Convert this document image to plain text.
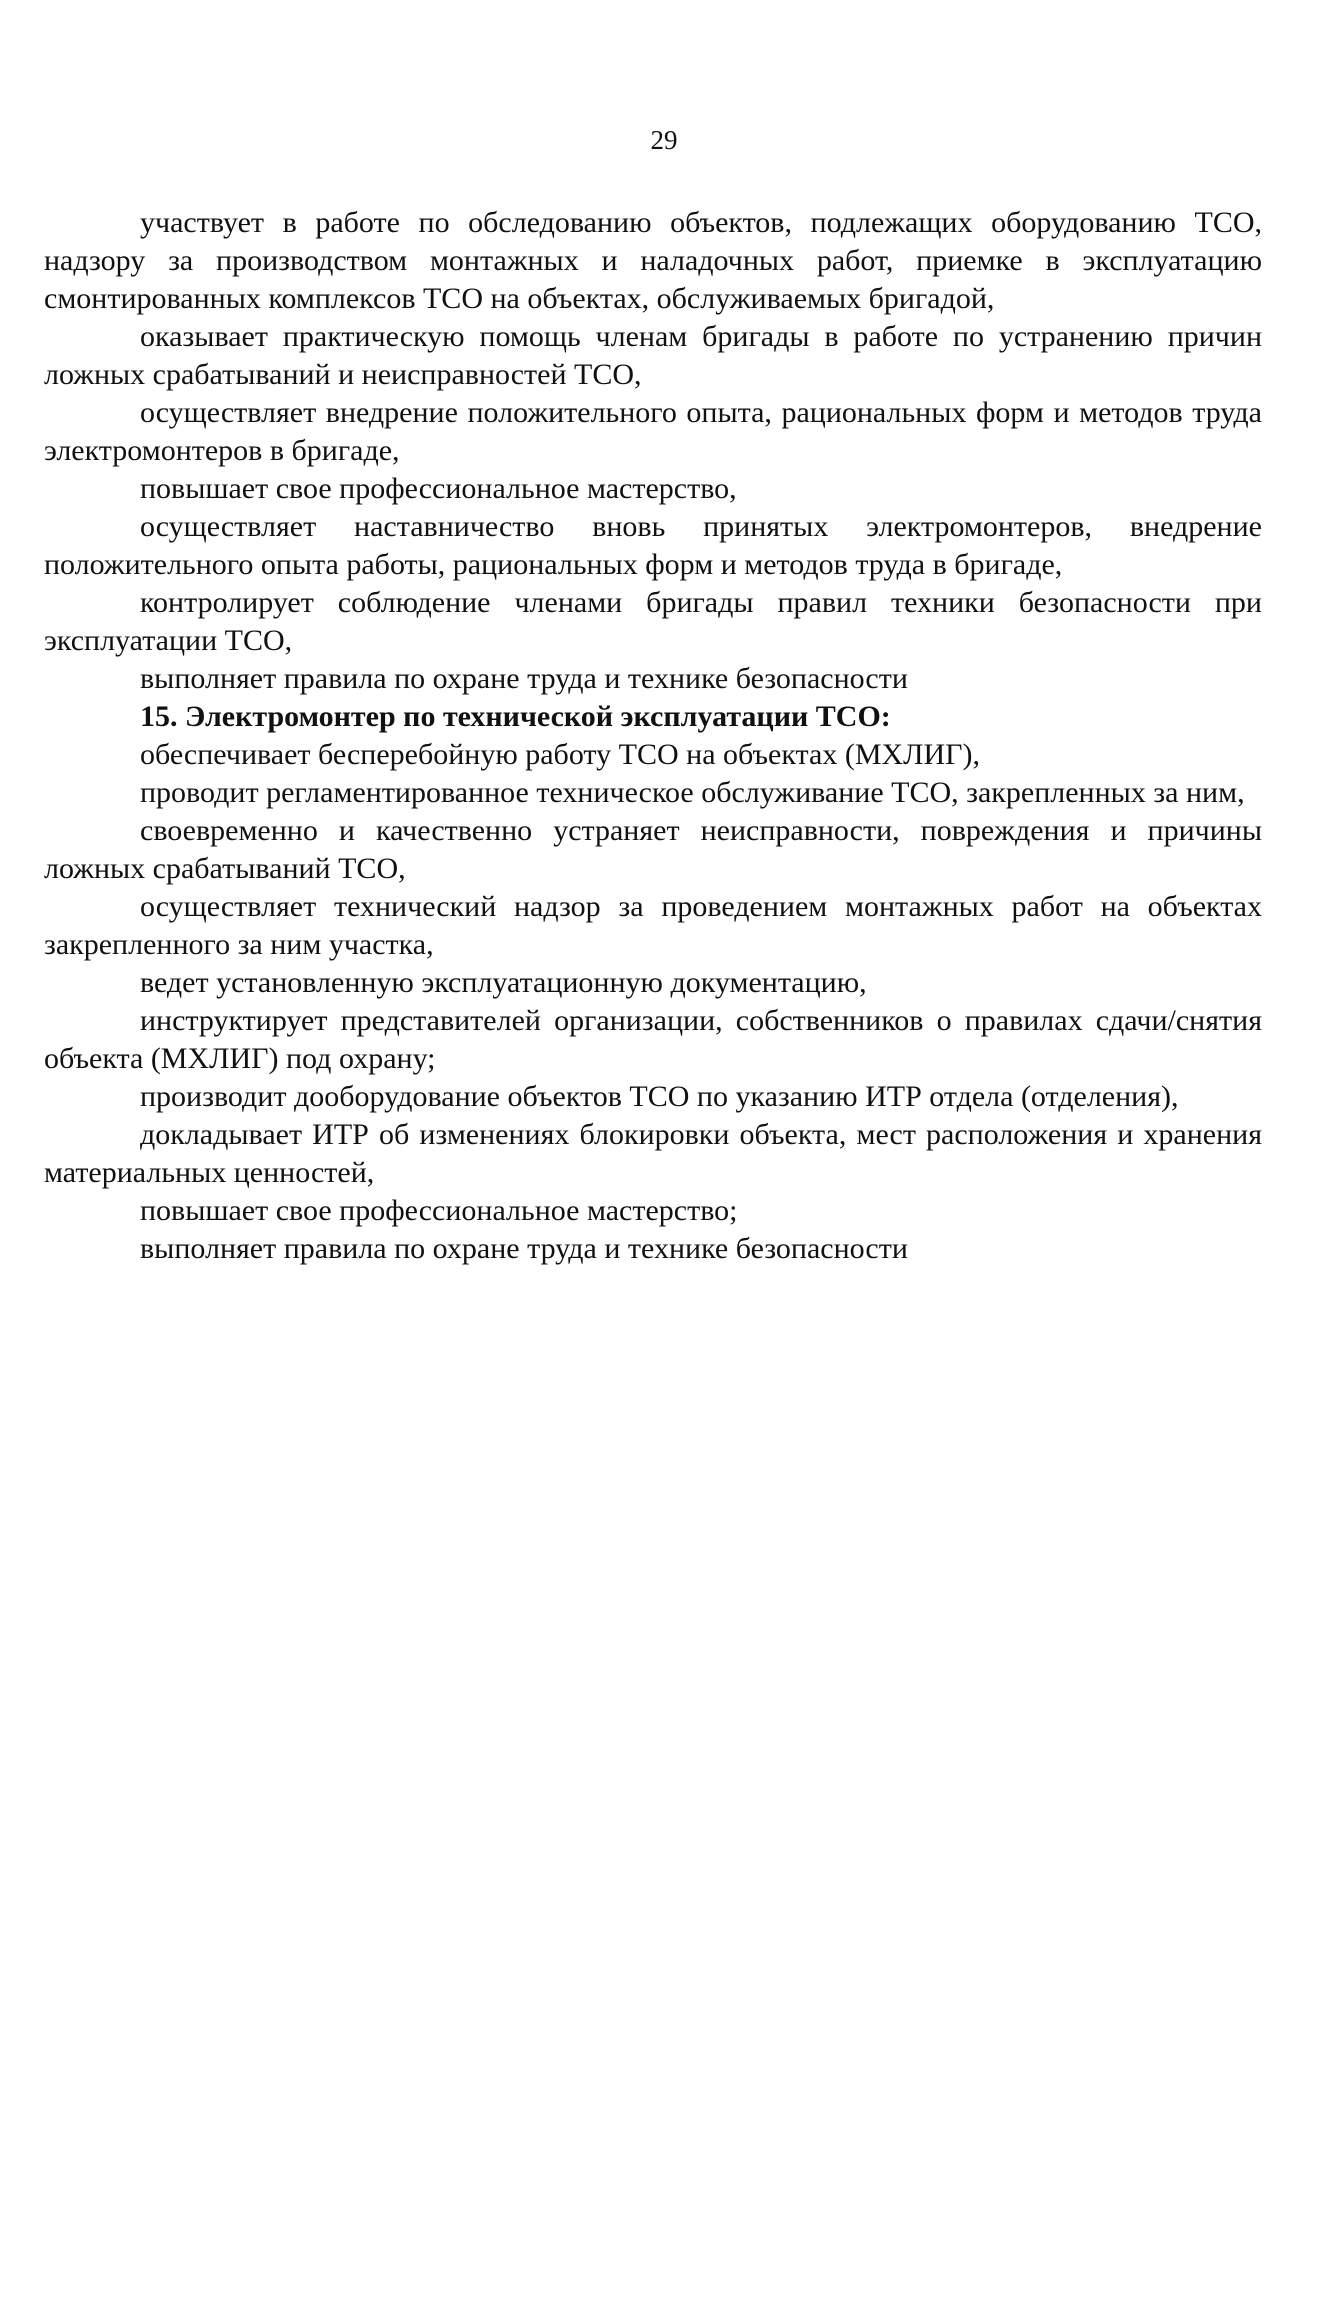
29

участвует в работе по обследованию объектов, подлежащих оборудованию ТСО, надзору за производством монтажных и наладочных работ, приемке в эксплуатацию смонтированных комплексов ТСО на объектах, обслуживаемых бригадой,

оказывает практическую помощь членам бригады в работе по устранению причин ложных срабатываний и неисправностей ТСО,

осуществляет внедрение положительного опыта, рациональных форм и методов труда электромонтеров в бригаде,

повышает свое профессиональное мастерство,

осуществляет наставничество вновь принятых электромонтеров, внедрение положительного опыта работы, рациональных форм и методов труда в бригаде,

контролирует соблюдение членами бригады правил техники безопасности при эксплуатации ТСО,

выполняет правила по охране труда и технике безопасности

15. Электромонтер по технической эксплуатации ТСО:

обеспечивает бесперебойную работу ТСО на объектах (МХЛИГ),

проводит регламентированное техническое обслуживание ТСО, закрепленных за ним,

своевременно и качественно устраняет неисправности, повреждения и причины ложных срабатываний ТСО,

осуществляет технический надзор за проведением монтажных работ на объектах закрепленного за ним участка,

ведет установленную эксплуатационную документацию,

инструктирует представителей организации, собственников о правилах сдачи/снятия объекта (МХЛИГ) под охрану;

производит дооборудование объектов ТСО по указанию ИТР отдела (отделения),

докладывает ИТР об изменениях блокировки объекта, мест расположения и хранения материальных ценностей,

повышает свое профессиональное мастерство;

выполняет правила по охране труда и технике безопасности
